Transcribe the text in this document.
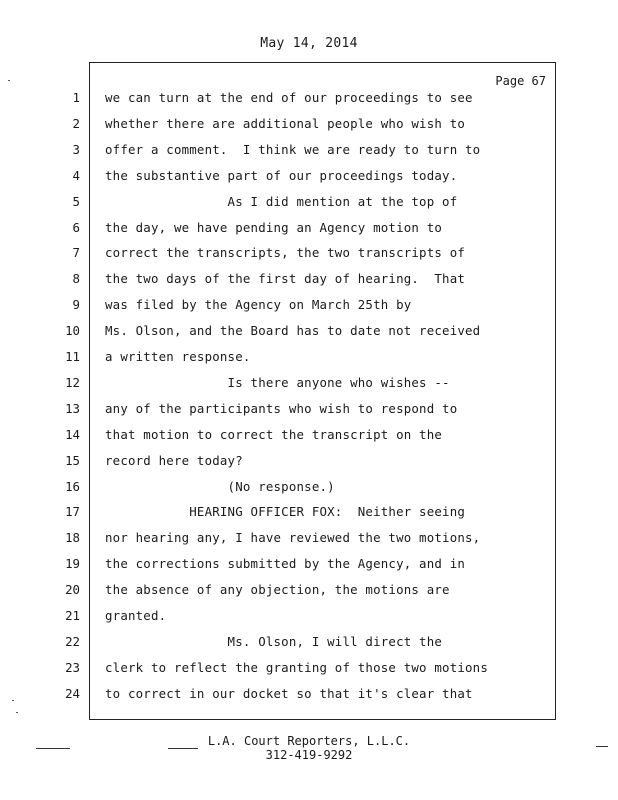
May 14, 2014
Page 67
1 we can turn at the end of our proceedings to see
2 whether there are additional people who wish to
3 offer a comment.  I think we are ready to turn to
4 the substantive part of our proceedings today.
5 As I did mention at the top of
6 the day, we have pending an Agency motion to
7 correct the transcripts, the two transcripts of
8 the two days of the first day of hearing.  That
9 was filed by the Agency on March 25th by
10 Ms. Olson, and the Board has to date not received
11 a written response.
12 Is there anyone who wishes --
13 any of the participants who wish to respond to
14 that motion to correct the transcript on the
15 record here today?
16 (No response.)
17 HEARING OFFICER FOX:  Neither seeing
18 nor hearing any, I have reviewed the two motions,
19 the corrections submitted by the Agency, and in
20 the absence of any objection, the motions are
21 granted.
22 Ms. Olson, I will direct the
23 clerk to reflect the granting of those two motions
24 to correct in our docket so that it's clear that
L.A. Court Reporters, L.L.C.
312-419-9292
